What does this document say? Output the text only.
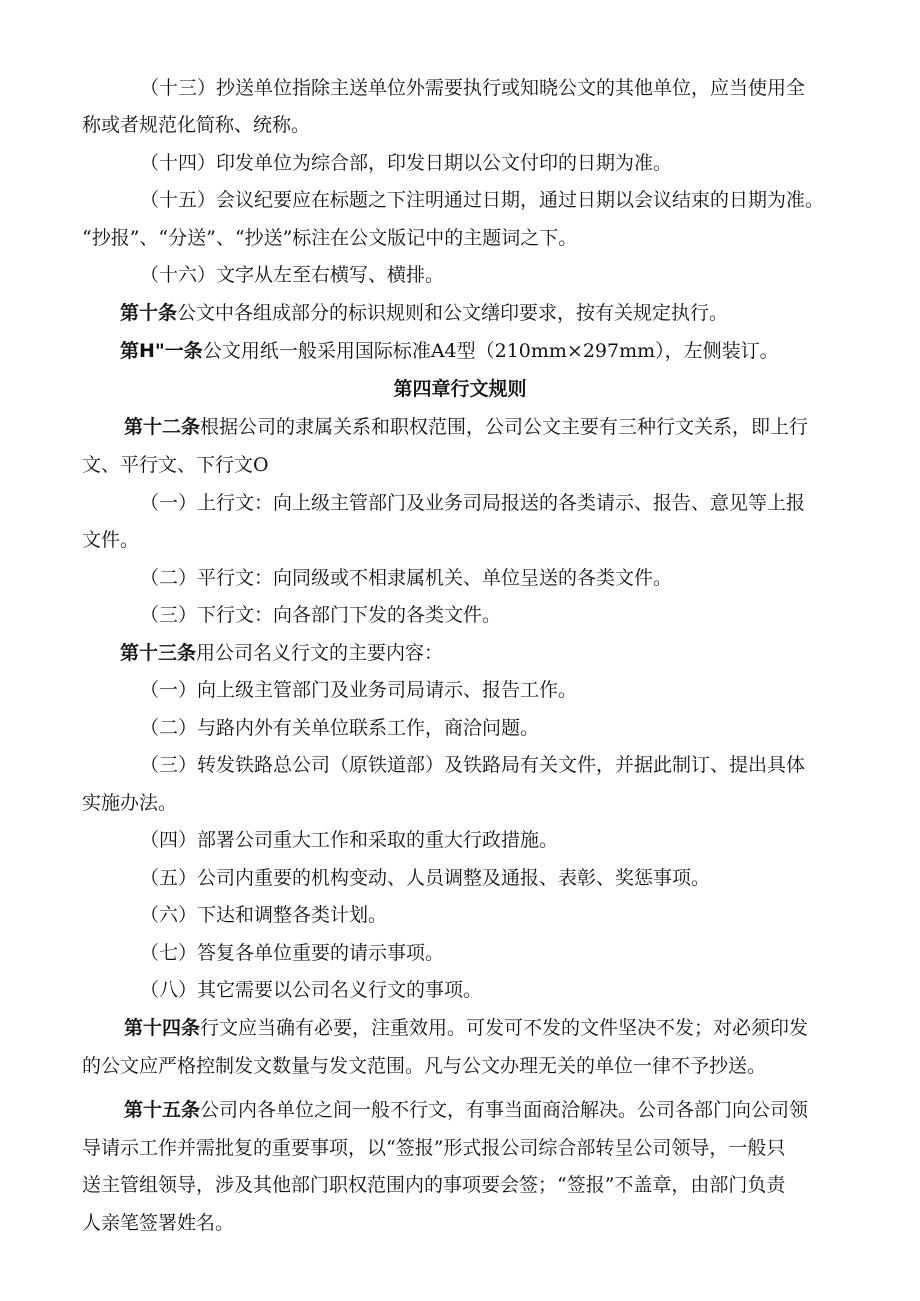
（十三）抄送单位指除主送单位外需要执行或知晓公文的其他单位，应当使用全
称或者规范化简称、统称。
（十四）印发单位为综合部，印发日期以公文付印的日期为准。
（十五）会议纪要应在标题之下注明通过日期，通过日期以会议结束的日期为准。
“抄报”、“分送”、“抄送”标注在公文版记中的主题词之下。
（十六）文字从左至右横写、横排。
第十条公文中各组成部分的标识规则和公文缮印要求，按有关规定执行。
第H"一条公文用纸一般采用国际标准A4型（210mm×297mm），左侧装订。
第四章行文规则
第十二条根据公司的隶属关系和职权范围，公司公文主要有三种行文关系，即上行
文、平行文、下行文O
（一）上行文：向上级主管部门及业务司局报送的各类请示、报告、意见等上报
文件。
（二）平行文：向同级或不相隶属机关、单位呈送的各类文件。
（三）下行文：向各部门下发的各类文件。
第十三条用公司名义行文的主要内容：
（一）向上级主管部门及业务司局请示、报告工作。
（二）与路内外有关单位联系工作，商洽问题。
（三）转发铁路总公司（原铁道部）及铁路局有关文件，并据此制订、提出具体
实施办法。
（四）部署公司重大工作和采取的重大行政措施。
（五）公司内重要的机构变动、人员调整及通报、表彰、奖惩事项。
（六）下达和调整各类计划。
（七）答复各单位重要的请示事项。
（八）其它需要以公司名义行文的事项。
第十四条行文应当确有必要，注重效用。可发可不发的文件坚决不发；对必须印发
的公文应严格控制发文数量与发文范围。凡与公文办理无关的单位一律不予抄送。
第十五条公司内各单位之间一般不行文，有事当面商洽解决。公司各部门向公司领
导请示工作并需批复的重要事项，以“签报”形式报公司综合部转呈公司领导，一般只
送主管组领导，涉及其他部门职权范围内的事项要会签；“签报”不盖章，由部门负责
人亲笔签署姓名。
